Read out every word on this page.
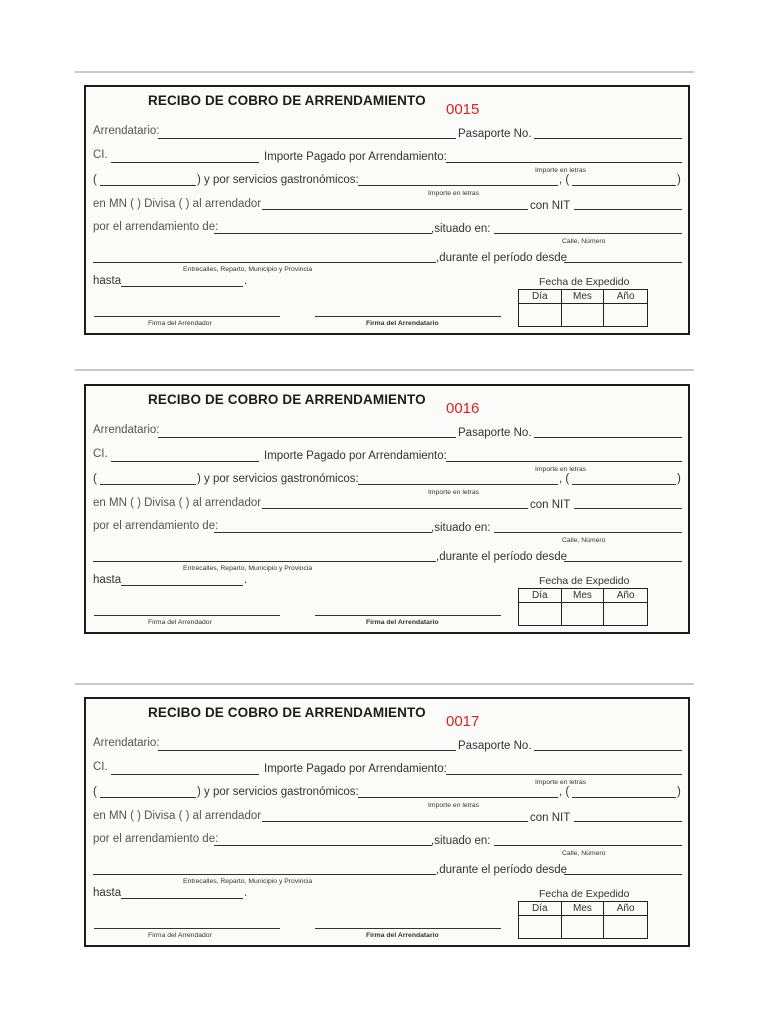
RECIBO DE COBRO DE ARRENDAMIENTO
0015
Arrendatario:	Pasaporte No.
CI.	Importe Pagado por Arrendamiento:
Importe en letras
(	) y por servicios gastronómicos:	, (	)
Importe en letras
en MN ( ) Divisa ( ) al arrendador	con NIT
por el arrendamiento de:	,situado en:
Calle, Número
,durante el período desde
Entrecalles, Reparto, Municipio y Provincia
hasta	.	Fecha de Expedido
Día	Mes	Año
Firma del Arrendador	Firma del Arrendatario
RECIBO DE COBRO DE ARRENDAMIENTO
0016
Arrendatario:	Pasaporte No.
CI.	Importe Pagado por Arrendamiento:
Importe en letras
(	) y por servicios gastronómicos:	, (	)
Importe en letras
en MN ( ) Divisa ( ) al arrendador	con NIT
por el arrendamiento de:	,situado en:
Calle, Número
,durante el período desde
Entrecalles, Reparto, Municipio y Provincia
hasta	.	Fecha de Expedido
Día	Mes	Año
Firma del Arrendador	Firma del Arrendatario
RECIBO DE COBRO DE ARRENDAMIENTO
0017
Arrendatario:	Pasaporte No.
CI.	Importe Pagado por Arrendamiento:
Importe en letras
(	) y por servicios gastronómicos:	, (	)
Importe en letras
en MN ( ) Divisa ( ) al arrendador	con NIT
por el arrendamiento de:	,situado en:
Calle, Número
,durante el período desde
Entrecalles, Reparto, Municipio y Provincia
hasta	.	Fecha de Expedido
Día	Mes	Año
Firma del Arrendador	Firma del Arrendatario
